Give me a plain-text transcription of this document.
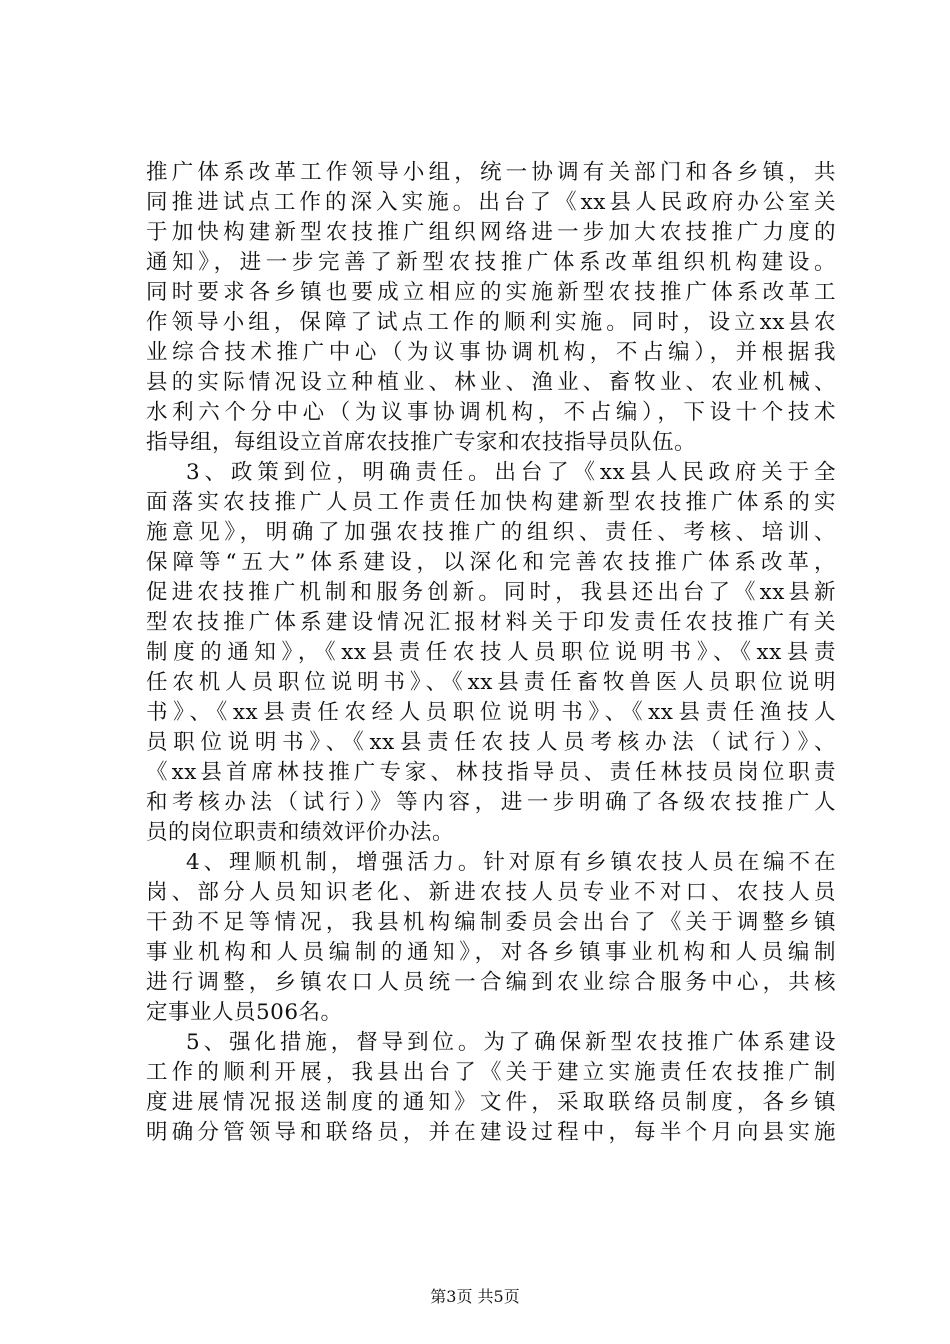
推广体系改革工作领导小组，统一协调有关部门和各乡镇，共
同推进试点工作的深入实施。出台了《xx县人民政府办公室关
于加快构建新型农技推广组织网络进一步加大农技推广力度的
通知》，进一步完善了新型农技推广体系改革组织机构建设。
同时要求各乡镇也要成立相应的实施新型农技推广体系改革工
作领导小组，保障了试点工作的顺利实施。同时，设立xx县农
业综合技术推广中心（为议事协调机构，不占编），并根据我
县的实际情况设立种植业、林业、渔业、畜牧业、农业机械、
水利六个分中心（为议事协调机构，不占编），下设十个技术
指导组，每组设立首席农技推广专家和农技指导员队伍。
3、政策到位，明确责任。出台了《xx县人民政府关于全
面落实农技推广人员工作责任加快构建新型农技推广体系的实
施意见》，明确了加强农技推广的组织、责任、考核、培训、
保障等“五大”体系建设，以深化和完善农技推广体系改革，
促进农技推广机制和服务创新。同时，我县还出台了《xx县新
型农技推广体系建设情况汇报材料关于印发责任农技推广有关
制度的通知》，《xx县责任农技人员职位说明书》、《xx县责
任农机人员职位说明书》、《xx县责任畜牧兽医人员职位说明
书》、《xx县责任农经人员职位说明书》、《xx县责任渔技人
员职位说明书》、《xx县责任农技人员考核办法（试行）》、
《xx县首席林技推广专家、林技指导员、责任林技员岗位职责
和考核办法（试行）》等内容，进一步明确了各级农技推广人
员的岗位职责和绩效评价办法。
4、理顺机制，增强活力。针对原有乡镇农技人员在编不在
岗、部分人员知识老化、新进农技人员专业不对口、农技人员
干劲不足等情况，我县机构编制委员会出台了《关于调整乡镇
事业机构和人员编制的通知》，对各乡镇事业机构和人员编制
进行调整，乡镇农口人员统一合编到农业综合服务中心，共核
定事业人员506名。
5、强化措施，督导到位。为了确保新型农技推广体系建设
工作的顺利开展，我县出台了《关于建立实施责任农技推广制
度进展情况报送制度的通知》文件，采取联络员制度，各乡镇
明确分管领导和联络员，并在建设过程中，每半个月向县实施
第3页 共5页
